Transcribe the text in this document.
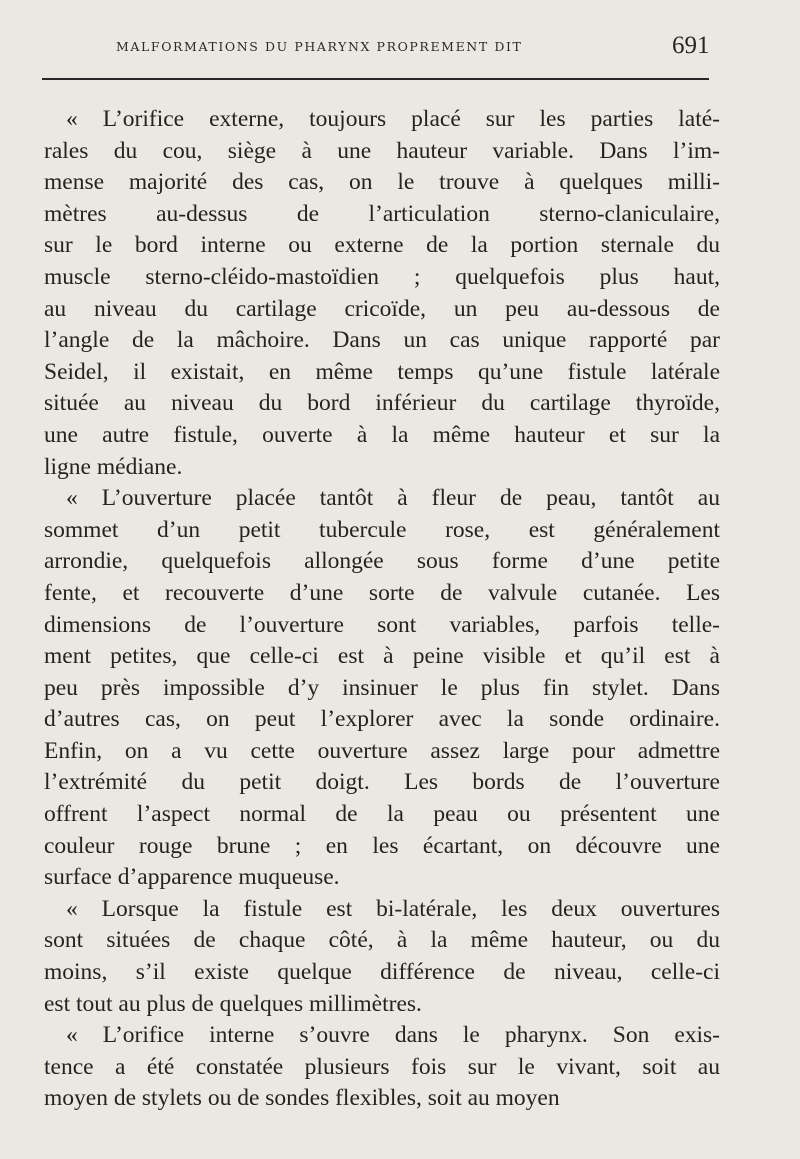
MALFORMATIONS DU PHARYNX PROPREMENT DIT	691
« L’orifice externe, toujours placé sur les parties laté-
rales du cou, siège à une hauteur variable. Dans l’im-
mense majorité des cas, on le trouve à quelques milli-
mètres au-dessus de l’articulation sterno-claniculaire,
sur le bord interne ou externe de la portion sternale du
muscle sterno-cléido-mastoïdien ; quelquefois plus haut,
au niveau du cartilage cricoïde, un peu au-dessous de
l’angle de la mâchoire. Dans un cas unique rapporté par
Seidel, il existait, en même temps qu’une fistule latérale
située au niveau du bord inférieur du cartilage thyroïde,
une autre fistule, ouverte à la même hauteur et sur la
ligne médiane.
« L’ouverture placée tantôt à fleur de peau, tantôt au
sommet d’un petit tubercule rose, est généralement
arrondie, quelquefois allongée sous forme d’une petite
fente, et recouverte d’une sorte de valvule cutanée. Les
dimensions de l’ouverture sont variables, parfois telle-
ment petites, que celle-ci est à peine visible et qu’il est à
peu près impossible d’y insinuer le plus fin stylet. Dans
d’autres cas, on peut l’explorer avec la sonde ordinaire.
Enfin, on a vu cette ouverture assez large pour admettre
l’extrémité du petit doigt. Les bords de l’ouverture
offrent l’aspect normal de la peau ou présentent une
couleur rouge brune ; en les écartant, on découvre une
surface d’apparence muqueuse.
« Lorsque la fistule est bi-latérale, les deux ouvertures
sont situées de chaque côté, à la même hauteur, ou du
moins, s’il existe quelque différence de niveau, celle-ci
est tout au plus de quelques millimètres.
« L’orifice interne s’ouvre dans le pharynx. Son exis-
tence a été constatée plusieurs fois sur le vivant, soit au
moyen de stylets ou de sondes flexibles, soit au moyen
